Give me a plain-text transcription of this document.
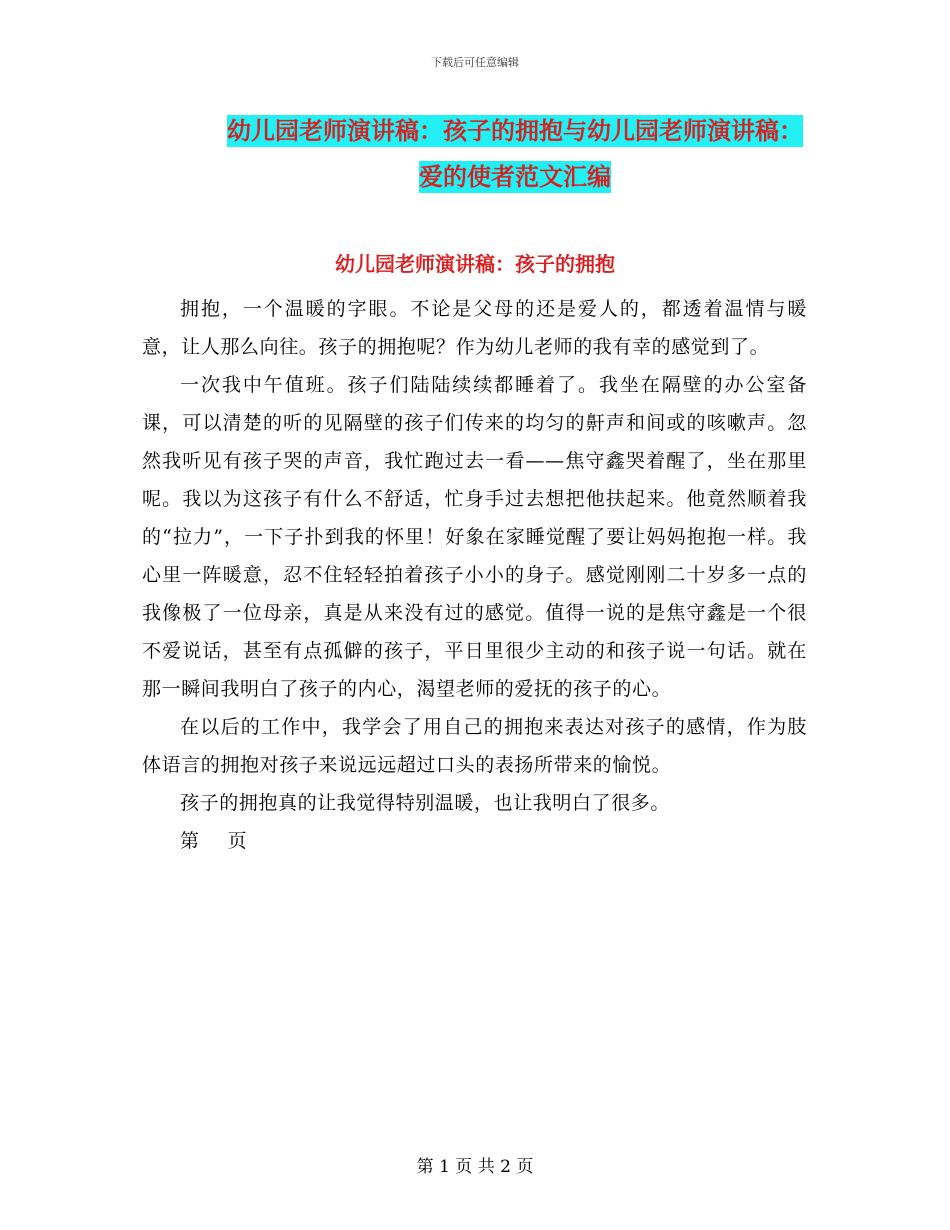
下载后可任意编辑
幼儿园老师演讲稿：孩子的拥抱与幼儿园老师演讲稿：
爱的使者范文汇编
幼儿园老师演讲稿：孩子的拥抱

拥抱，一个温暖的字眼。不论是父母的还是爱人的，都透着温情与暖意，让人那么向往。孩子的拥抱呢？作为幼儿老师的我有幸的感觉到了。

一次我中午值班。孩子们陆陆续续都睡着了。我坐在隔壁的办公室备课，可以清楚的听的见隔壁的孩子们传来的均匀的鼾声和间或的咳嗽声。忽然我听见有孩子哭的声音，我忙跑过去一看——焦守鑫哭着醒了，坐在那里呢。我以为这孩子有什么不舒适，忙身手过去想把他扶起来。他竟然顺着我的“拉力”，一下子扑到我的怀里！好象在家睡觉醒了要让妈妈抱抱一样。我心里一阵暖意，忍不住轻轻拍着孩子小小的身子。感觉刚刚二十岁多一点的我像极了一位母亲，真是从来没有过的感觉。值得一说的是焦守鑫是一个很不爱说话，甚至有点孤僻的孩子，平日里很少主动的和孩子说一句话。就在那一瞬间我明白了孩子的内心，渴望老师的爱抚的孩子的心。

在以后的工作中，我学会了用自己的拥抱来表达对孩子的感情，作为肢体语言的拥抱对孩子来说远远超过口头的表扬所带来的愉悦。

孩子的拥抱真的让我觉得特别温暖，也让我明白了很多。

第 页
第 1 页 共 2 页
